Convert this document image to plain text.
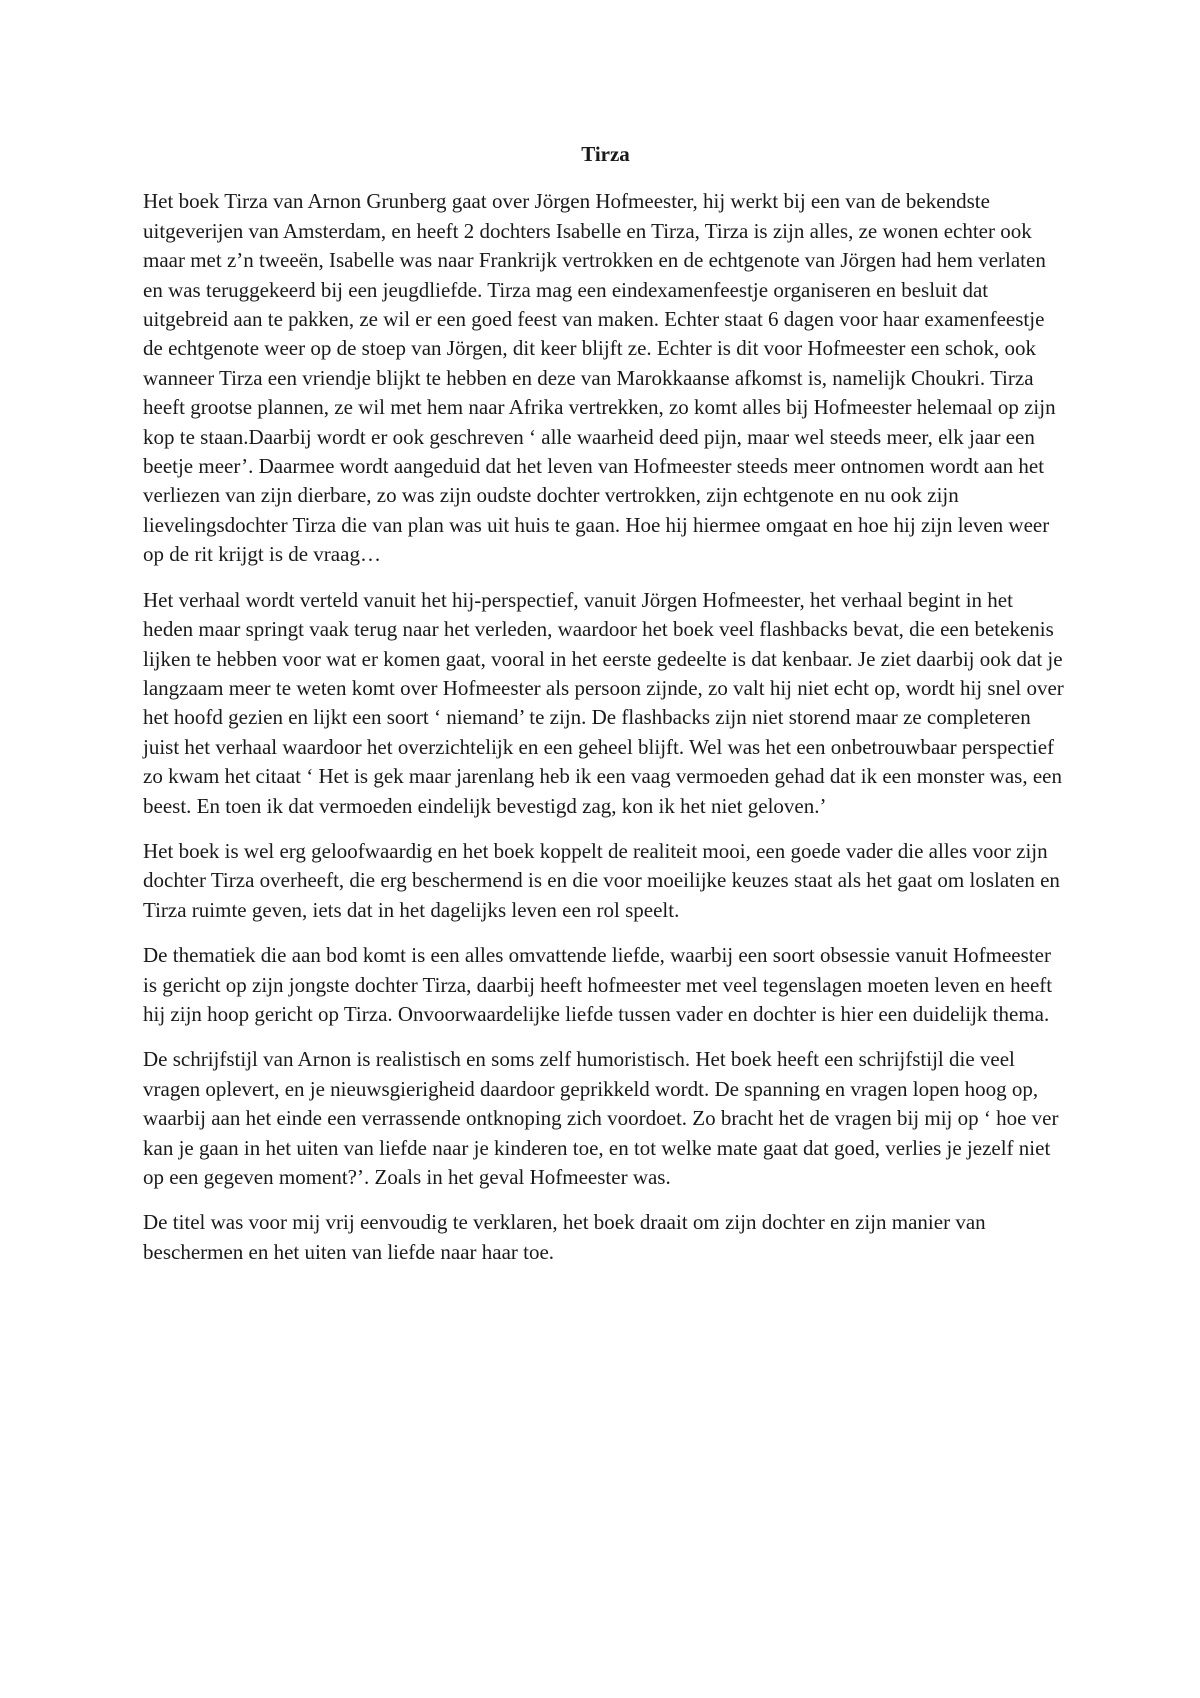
Tirza

Het boek Tirza van Arnon Grunberg gaat over Jörgen Hofmeester, hij werkt bij een van de bekendste uitgeverijen van Amsterdam, en heeft 2 dochters Isabelle en Tirza, Tirza is zijn alles, ze wonen echter ook maar met z’n tweeën, Isabelle was naar Frankrijk vertrokken en de echtgenote van Jörgen had hem verlaten en was teruggekeerd bij een jeugdliefde. Tirza mag een eindexamenfeestje organiseren en besluit dat uitgebreid aan te pakken, ze wil er een goed feest van maken. Echter staat 6 dagen voor haar examenfeestje de echtgenote weer op de stoep van Jörgen, dit keer blijft ze. Echter is dit voor Hofmeester een schok, ook wanneer Tirza een vriendje blijkt te hebben en deze van Marokkaanse afkomst is, namelijk Choukri. Tirza heeft grootse plannen, ze wil met hem naar Afrika vertrekken, zo komt alles bij Hofmeester helemaal op zijn kop te staan.Daarbij wordt er ook geschreven ‘ alle waarheid deed pijn, maar wel steeds meer, elk jaar een beetje meer’. Daarmee wordt aangeduid dat het leven van Hofmeester steeds meer ontnomen wordt aan het verliezen van zijn dierbare, zo was zijn oudste dochter vertrokken, zijn echtgenote en nu ook zijn lievelingsdochter Tirza die van plan was uit huis te gaan. Hoe hij hiermee omgaat en hoe hij zijn leven weer op de rit krijgt is de vraag…

Het verhaal wordt verteld vanuit het hij-perspectief, vanuit Jörgen Hofmeester, het verhaal begint in het heden maar springt vaak terug naar het verleden, waardoor het boek veel flashbacks bevat, die een betekenis lijken te hebben voor wat er komen gaat, vooral in het eerste gedeelte is dat kenbaar. Je ziet daarbij ook dat je langzaam meer te weten komt over Hofmeester als persoon zijnde, zo valt hij niet echt op, wordt hij snel over het hoofd gezien en lijkt een soort ‘ niemand’ te zijn. De flashbacks zijn niet storend maar ze completeren juist het verhaal waardoor het overzichtelijk en een geheel blijft. Wel was het een onbetrouwbaar perspectief zo kwam het citaat ‘ Het is gek maar jarenlang heb ik een vaag vermoeden gehad dat ik een monster was, een beest. En toen ik dat vermoeden eindelijk bevestigd zag, kon ik het niet geloven.’

Het boek is wel erg geloofwaardig en het boek koppelt de realiteit mooi, een goede vader die alles voor zijn dochter Tirza overheeft, die erg beschermend is en die voor moeilijke keuzes staat als het gaat om loslaten en Tirza ruimte geven, iets dat in het dagelijks leven een rol speelt.

De thematiek die aan bod komt is een alles omvattende liefde, waarbij een soort obsessie vanuit Hofmeester is gericht op zijn jongste dochter Tirza, daarbij heeft hofmeester met veel tegenslagen moeten leven en heeft hij zijn hoop gericht op Tirza. Onvoorwaardelijke liefde tussen vader en dochter is hier een duidelijk thema.

De schrijfstijl van Arnon is realistisch en soms zelf humoristisch. Het boek heeft een schrijfstijl die veel vragen oplevert, en je nieuwsgierigheid daardoor geprikkeld wordt. De spanning en vragen lopen hoog op, waarbij aan het einde een verrassende ontknoping zich voordoet. Zo bracht het de vragen bij mij op ‘ hoe ver kan je gaan in het uiten van liefde naar je kinderen toe, en tot welke mate gaat dat goed, verlies je jezelf niet op een gegeven moment?’. Zoals in het geval Hofmeester was.

De titel was voor mij vrij eenvoudig te verklaren, het boek draait om zijn dochter en zijn manier van beschermen en het uiten van liefde naar haar toe.
